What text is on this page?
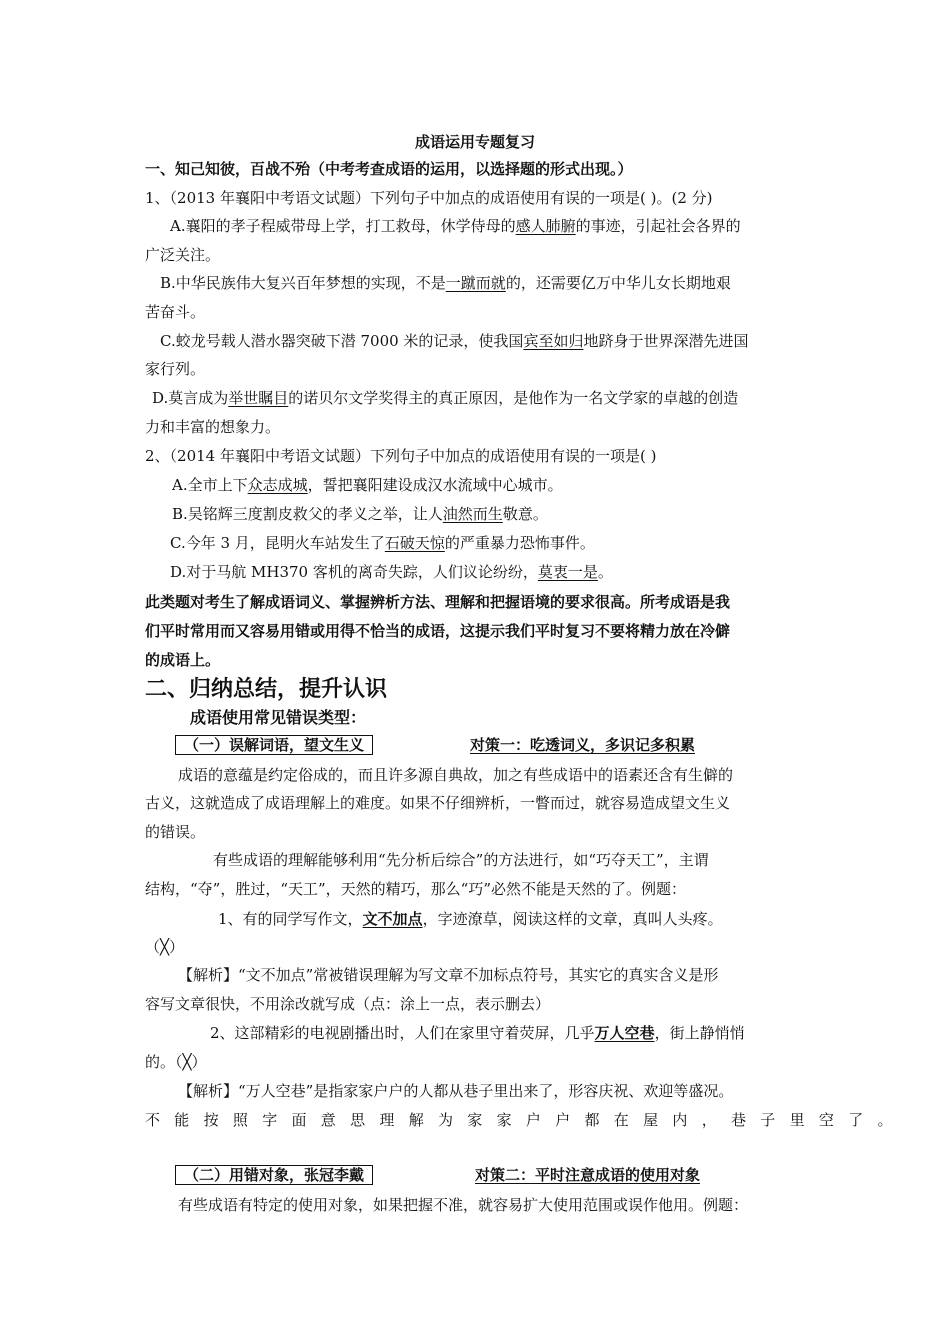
成语运用专题复习
一、知己知彼，百战不殆（中考考查成语的运用，以选择题的形式出现。）
1、（2013 年襄阳中考语文试题）下列句子中加点的成语使用有误的一项是( )。(2 分)
A.襄阳的孝子程威带母上学，打工救母，休学侍母的感人肺腑的事迹，引起社会各界的
广泛关注。
B.中华民族伟大复兴百年梦想的实现，不是一蹴而就的，还需要亿万中华儿女长期地艰
苦奋斗。
C.蛟龙号载人潜水器突破下潜 7000 米的记录，使我国宾至如归地跻身于世界深潜先进国
家行列。
D.莫言成为举世瞩目的诺贝尔文学奖得主的真正原因，是他作为一名文学家的卓越的创造
力和丰富的想象力。
2、（2014 年襄阳中考语文试题）下列句子中加点的成语使用有误的一项是( )
A.全市上下众志成城，誓把襄阳建设成汉水流域中心城市。
B.吴铭辉三度割皮救父的孝义之举，让人油然而生敬意。
C.今年 3 月，昆明火车站发生了石破天惊的严重暴力恐怖事件。
D.对于马航 MH370 客机的离奇失踪，人们议论纷纷，莫衷一是。
此类题对考生了解成语词义、掌握辨析方法、理解和把握语境的要求很高。所考成语是我
们平时常用而又容易用错或用得不恰当的成语，这提示我们平时复习不要将精力放在冷僻
的成语上。
二、归纳总结，提升认识
成语使用常见错误类型：
（一）误解词语，望文生义	对策一：吃透词义，多识记多积累
成语的意蕴是约定俗成的，而且许多源自典故，加之有些成语中的语素还含有生僻的
古义，这就造成了成语理解上的难度。如果不仔细辨析，一瞥而过，就容易造成望文生义
的错误。
有些成语的理解能够利用“先分析后综合”的方法进行，如“巧夺天工”，主谓
结构，“夺”，胜过，“天工”，天然的精巧，那么“巧”必然不能是天然的了。例题：
1、有的同学写作文，文不加点，字迹潦草，阅读这样的文章，真叫人头疼。
（╳）
【解析】“文不加点”常被错误理解为写文章不加标点符号，其实它的真实含义是形
容写文章很快，不用涂改就写成（点：涂上一点，表示删去）
2、这部精彩的电视剧播出时，人们在家里守着荧屏，几乎万人空巷，街上静悄悄
的。（╳）
【解析】“万人空巷”是指家家户户的人都从巷子里出来了，形容庆祝、欢迎等盛况。
不能按照字面意思理解为家家户户都在屋内，巷子里空了。
（二）用错对象，张冠李戴	对策二：平时注意成语的使用对象
有些成语有特定的使用对象，如果把握不准，就容易扩大使用范围或误作他用。例题：
